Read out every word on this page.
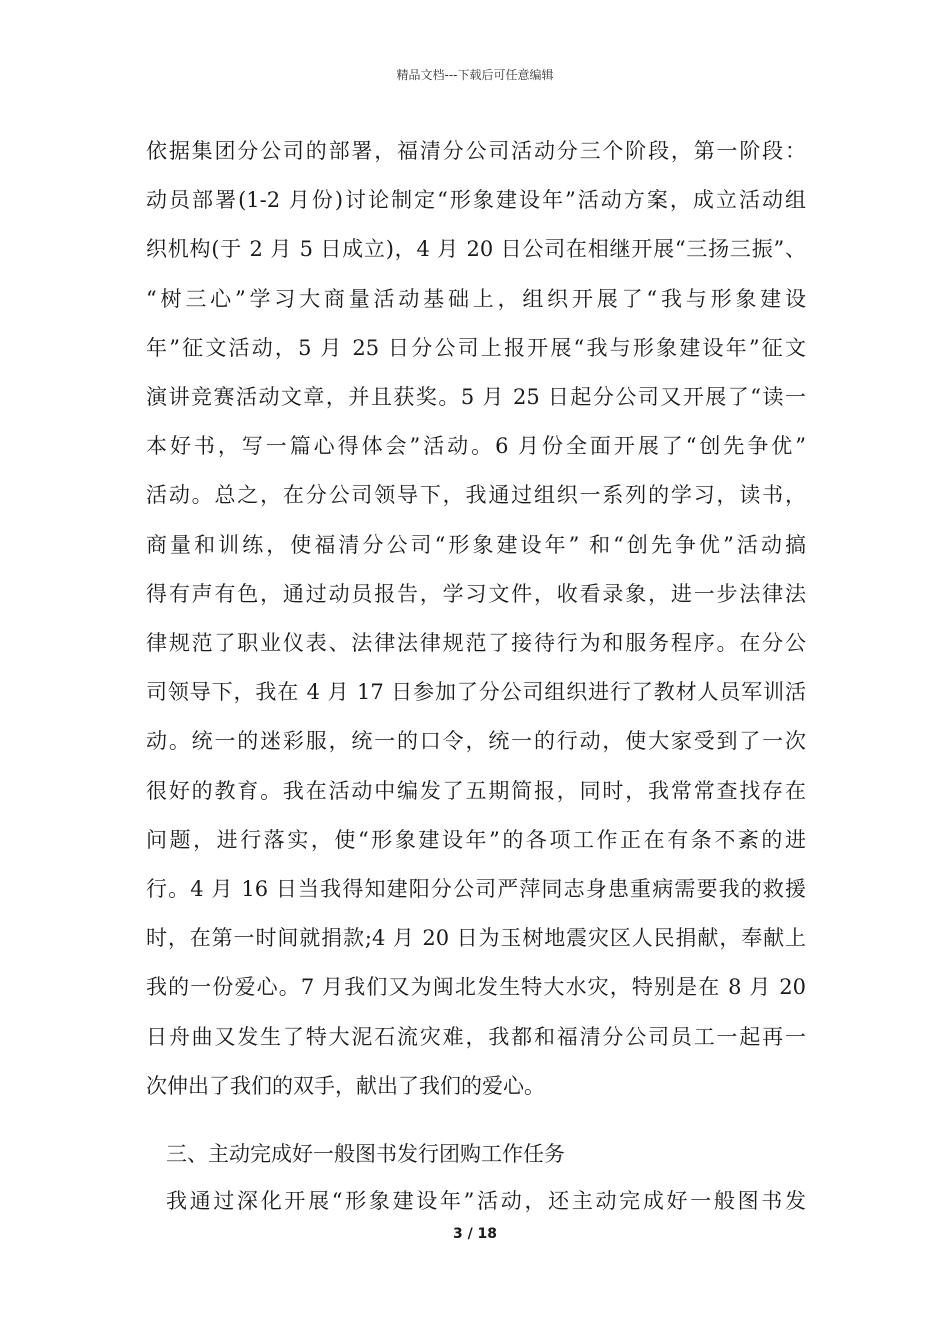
精品文档---下载后可任意编辑
依据集团分公司的部署，福清分公司活动分三个阶段，第一阶段：
动员部署(1-2 月份)讨论制定“形象建设年”活动方案，成立活动组
织机构(于 2 月 5 日成立)，4 月 20 日公司在相继开展“三扬三振”、
“树三心”学习大商量活动基础上，组织开展了“我与形象建设
年”征文活动，5 月 25 日分公司上报开展“我与形象建设年”征文
演讲竞赛活动文章，并且获奖。5 月 25 日起分公司又开展了“读一
本好书，写一篇心得体会”活动。6 月份全面开展了“创先争优”
活动。总之，在分公司领导下，我通过组织一系列的学习，读书，
商量和训练，使福清分公司“形象建设年” 和“创先争优”活动搞
得有声有色，通过动员报告，学习文件，收看录象，进一步法律法
律规范了职业仪表、法律法律规范了接待行为和服务程序。在分公
司领导下，我在 4 月 17 日参加了分公司组织进行了教材人员军训活
动。统一的迷彩服，统一的口令，统一的行动，使大家受到了一次
很好的教育。我在活动中编发了五期简报，同时，我常常查找存在
问题，进行落实，使“形象建设年”的各项工作正在有条不紊的进
行。4 月 16 日当我得知建阳分公司严萍同志身患重病需要我的救援
时，在第一时间就捐款;4 月 20 日为玉树地震灾区人民捐献，奉献上
我的一份爱心。7 月我们又为闽北发生特大水灾，特别是在 8 月 20
日舟曲又发生了特大泥石流灾难，我都和福清分公司员工一起再一
次伸出了我们的双手，献出了我们的爱心。
三、主动完成好一般图书发行团购工作任务
我通过深化开展“形象建设年”活动，还主动完成好一般图书发
3 / 18
